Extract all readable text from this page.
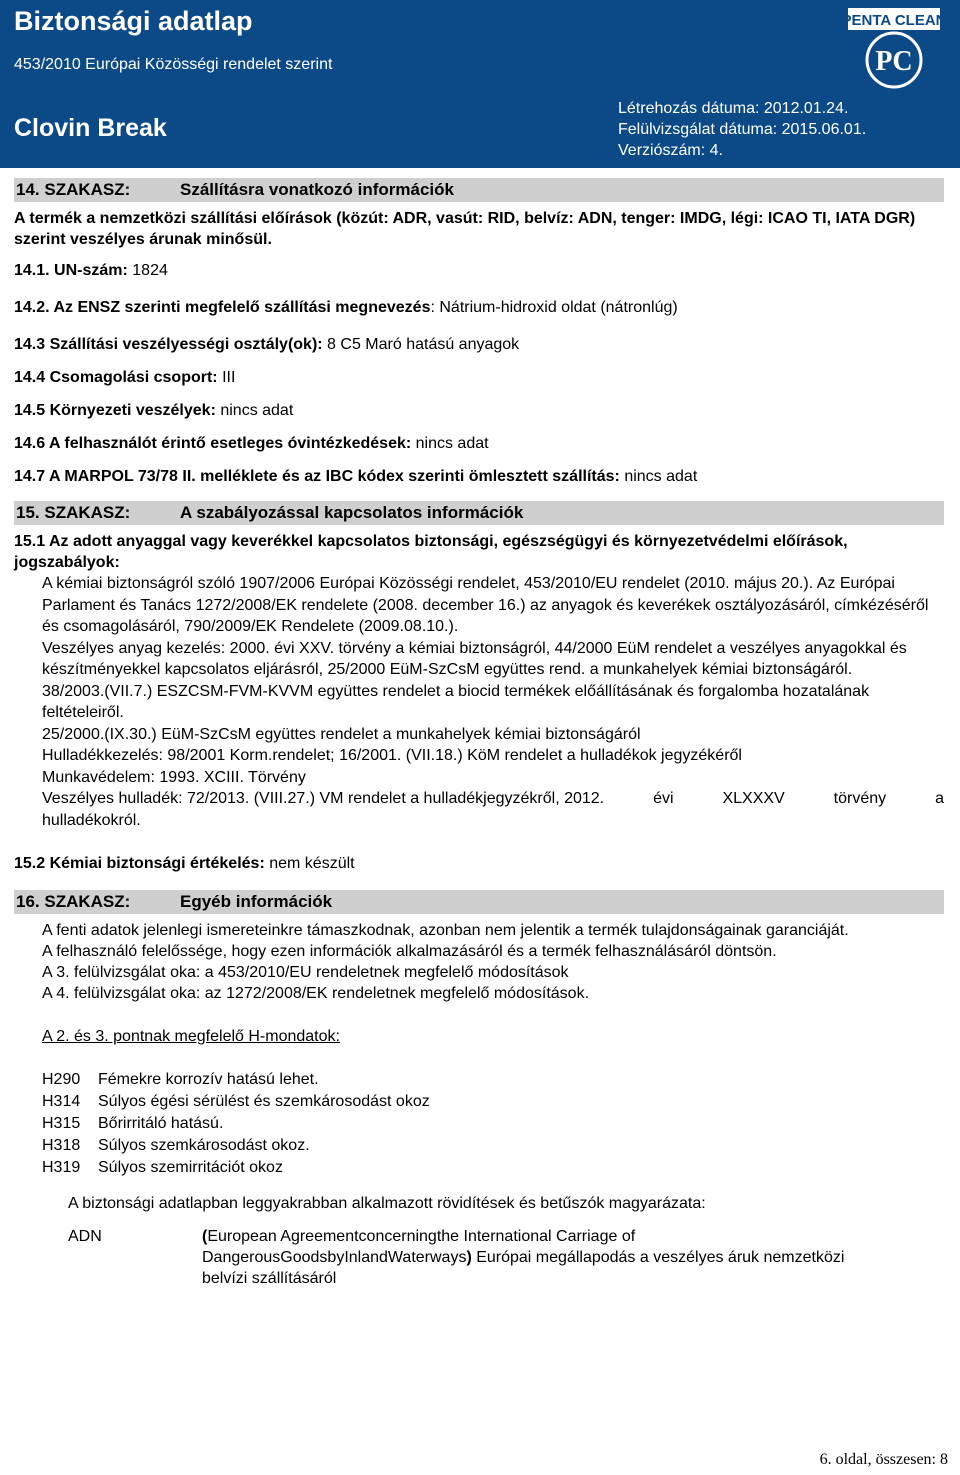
Biztonsági adatlap
453/2010 Európai Közösségi rendelet szerint
Clovin Break
Létrehozás dátuma: 2012.01.24.
Felülvizsgálat dátuma: 2015.06.01.
Verziószám: 4.
PENTA CLEAN
PC
14. SZAKASZ:	Szállításra vonatkozó információk
A termék a nemzetközi szállítási előírások (közút: ADR, vasút: RID, belvíz: ADN, tenger: IMDG, légi: ICAO TI, IATA DGR) szerint veszélyes árunak minősül.
14.1. UN-szám: 1824
14.2. Az ENSZ szerinti megfelelő szállítási megnevezés: Nátrium-hidroxid oldat (nátronlúg)
14.3 Szállítási veszélyességi osztály(ok): 8 C5 Maró hatású anyagok
14.4 Csomagolási csoport: III
14.5 Környezeti veszélyek: nincs adat
14.6 A felhasználót érintő esetleges óvintézkedések: nincs adat
14.7 A MARPOL 73/78 II. melléklete és az IBC kódex szerinti ömlesztett szállítás: nincs adat
15. SZAKASZ:	A szabályozással kapcsolatos információk
15.1 Az adott anyaggal vagy keverékkel kapcsolatos biztonsági, egészségügyi és környezetvédelmi előírások, jogszabályok:
A kémiai biztonságról szóló 1907/2006 Európai Közösségi rendelet, 453/2010/EU rendelet (2010. május 20.). Az Európai Parlament és Tanács 1272/2008/EK rendelete (2008. december 16.) az anyagok és keverékek osztályozásáról, címkézéséről és csomagolásáról, 790/2009/EK Rendelete (2009.08.10.).
Veszélyes anyag kezelés: 2000. évi XXV. törvény a kémiai biztonságról, 44/2000 EüM rendelet a veszélyes anyagokkal és készítményekkel kapcsolatos eljárásról, 25/2000 EüM-SzCsM együttes rend. a munkahelyek kémiai biztonságáról.
38/2003.(VII.7.) ESZCSM-FVM-KVVM együttes rendelet a biocid termékek előállításának és forgalomba hozatalának feltételeiről.
25/2000.(IX.30.) EüM-SzCsM együttes rendelet a munkahelyek kémiai biztonságáról
Hulladékkezelés: 98/2001 Korm.rendelet; 16/2001. (VII.18.) KöM rendelet a hulladékok jegyzékéről
Munkavédelem: 1993. XCIII. Törvény
Veszélyes hulladék: 72/2013. (VIII.27.) VM rendelet a hulladékjegyzékről, 2012.	évi	XLXXXV	törvény	a
hulladékokról.
15.2 Kémiai biztonsági értékelés: nem készült
16. SZAKASZ:	Egyéb információk
A fenti adatok jelenlegi ismereteinkre támaszkodnak, azonban nem jelentik a termék tulajdonságainak garanciáját.
A felhasználó felelőssége, hogy ezen információk alkalmazásáról és a termék felhasználásáról döntsön.
A 3. felülvizsgálat oka: a 453/2010/EU rendeletnek megfelelő módosítások
A 4. felülvizsgálat oka: az 1272/2008/EK rendeletnek megfelelő módosítások.
A 2. és 3. pontnak megfelelő H-mondatok:
H290	Fémekre korrozív hatású lehet.
H314	Súlyos égési sérülést és szemkárosodást okoz
H315	Bőrirritáló hatású.
H318	Súlyos szemkárosodást okoz.
H319	Súlyos szemirritációt okoz
A biztonsági adatlapban leggyakrabban alkalmazott rövidítések és betűszók magyarázata:
ADN	(European Agreementconcerningthe International Carriage of DangerousGoodsbyInlandWaterways) Európai megállapodás a veszélyes áruk nemzetközi belvízi szállításáról
6. oldal, összesen: 8
